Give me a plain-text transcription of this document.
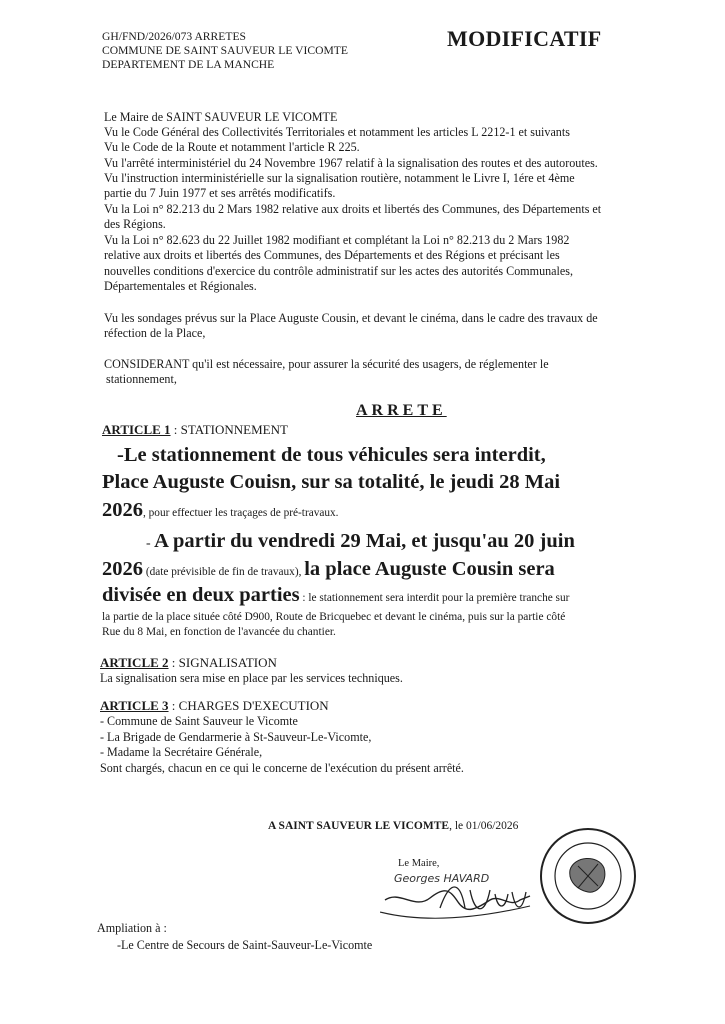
GH/FND/2026/073 ARRETES
COMMUNE DE SAINT SAUVEUR LE VICOMTE
DEPARTEMENT DE LA MANCHE
MODIFICATIF
Le Maire de SAINT SAUVEUR LE VICOMTE
Vu le Code Général des Collectivités Territoriales et notamment les articles L 2212-1 et suivants
Vu le Code de la Route et notamment l'article R 225.
Vu l'arrêté interministériel du 24 Novembre 1967 relatif à la signalisation des routes et des autoroutes.
Vu l'instruction interministérielle sur la signalisation routière, notamment le Livre I, 1ére et 4ème
partie du 7 Juin 1977 et ses arrêtés modificatifs.
Vu la Loi n° 82.213 du 2 Mars 1982 relative aux droits et libertés des Communes, des Départements et
des Régions.
Vu la Loi n° 82.623 du 22 Juillet 1982 modifiant et complétant la Loi n° 82.213 du 2 Mars 1982
relative aux droits et libertés des Communes, des Départements et des Régions et précisant les
nouvelles conditions d'exercice du contrôle administratif sur les actes des autorités Communales,
Départementales et Régionales.
Vu les sondages prévus sur la Place Auguste Cousin, et devant le cinéma, dans le cadre des travaux de
réfection de la Place,
CONSIDERANT qu'il est nécessaire, pour assurer la sécurité des usagers, de réglementer le
stationnement,
ARRETE
ARTICLE 1 : STATIONNEMENT
-Le stationnement de tous véhicules sera interdit,
Place Auguste Couisn, sur sa totalité, le jeudi 28 Mai
2026, pour effectuer les traçages de pré-travaux.
- A partir du vendredi 29 Mai, et jusqu'au 20 juin
2026 (date prévisible de fin de travaux), la place Auguste Cousin sera
divisée en deux parties : le stationnement sera interdit pour la première tranche sur
la partie de la place située côté D900, Route de Bricquebec et devant le cinéma, puis sur la partie côté
Rue du 8 Mai, en fonction de l'avancée du chantier.
ARTICLE 2 : SIGNALISATION
La signalisation sera mise en place par les services techniques.
ARTICLE 3 : CHARGES D'EXECUTION
- Commune de Saint Sauveur le Vicomte
- La Brigade de Gendarmerie à St-Sauveur-Le-Vicomte,
- Madame la Secrétaire Générale,
Sont chargés, chacun en ce qui le concerne de l'exécution du présent arrêté.
A SAINT SAUVEUR LE VICOMTE, le 01/06/2026
Le Maire,
Georges HAVARD
Ampliation à :
-Le Centre de Secours de Saint-Sauveur-Le-Vicomte
